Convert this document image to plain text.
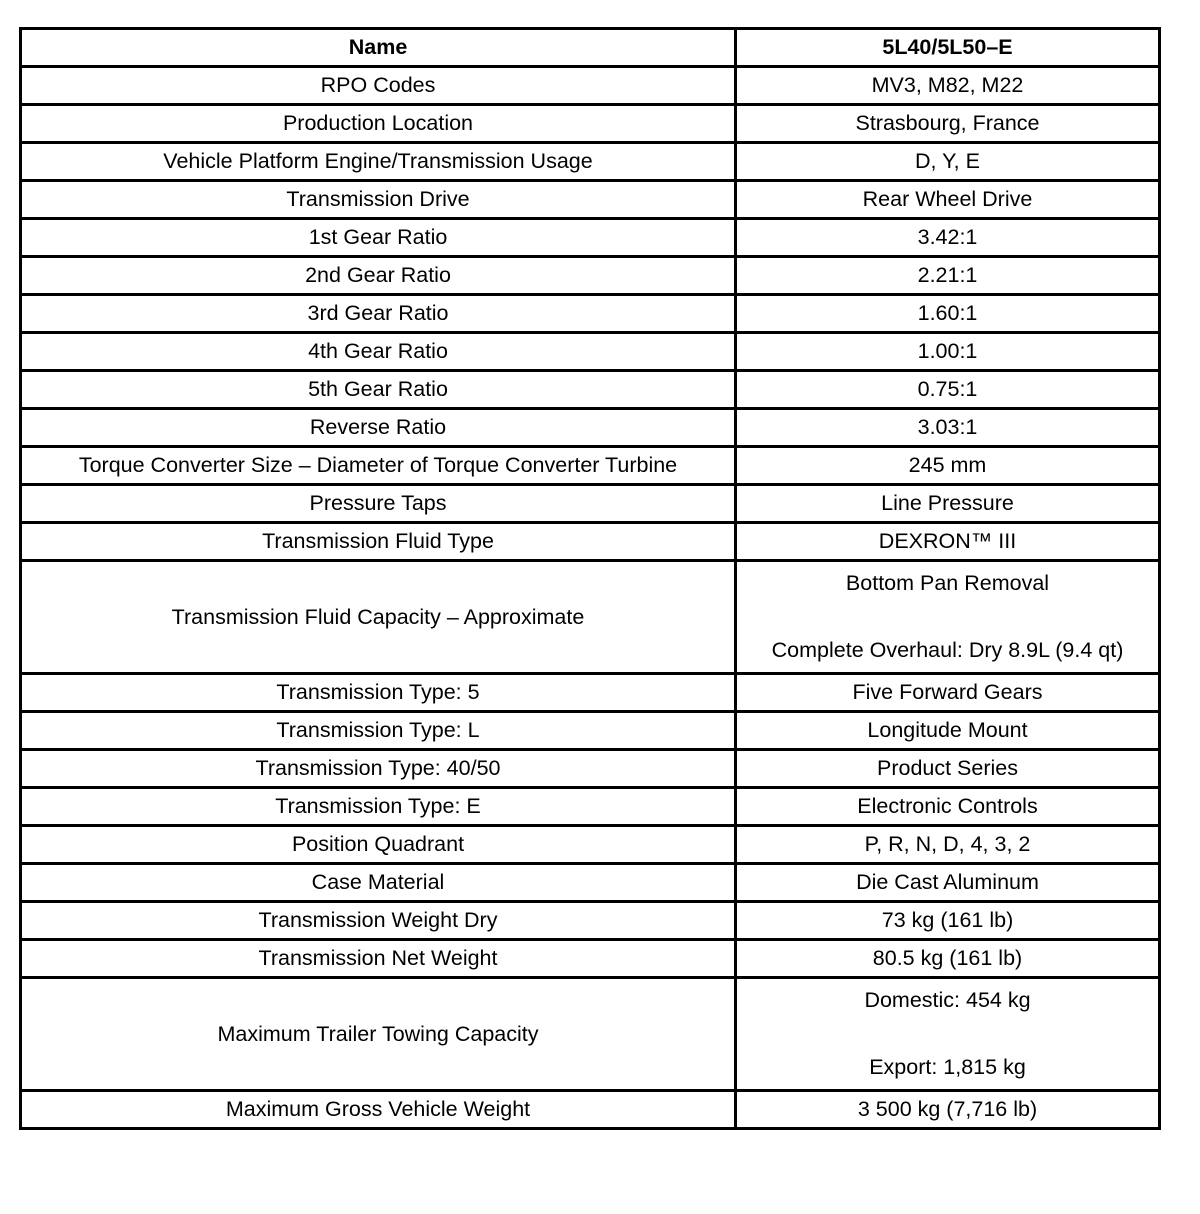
Name	5L40/5L50–E
RPO Codes	MV3, M82, M22
Production Location	Strasbourg, France
Vehicle Platform Engine/Transmission Usage	D, Y, E
Transmission Drive	Rear Wheel Drive
1st Gear Ratio	3.42:1
2nd Gear Ratio	2.21:1
3rd Gear Ratio	1.60:1
4th Gear Ratio	1.00:1
5th Gear Ratio	0.75:1
Reverse Ratio	3.03:1
Torque Converter Size – Diameter of Torque Converter Turbine	245 mm
Pressure Taps	Line Pressure
Transmission Fluid Type	DEXRON™ III
Transmission Fluid Capacity – Approximate	Bottom Pan Removal
Complete Overhaul: Dry 8.9L (9.4 qt)

Transmission Type: 5	Five Forward Gears
Transmission Type: L	Longitude Mount
Transmission Type: 40/50	Product Series
Transmission Type: E	Electronic Controls
Position Quadrant	P, R, N, D, 4, 3, 2
Case Material	Die Cast Aluminum
Transmission Weight Dry	73 kg (161 lb)
Transmission Net Weight	80.5 kg (161 lb)
Maximum Trailer Towing Capacity	Domestic: 454 kg
Export: 1,815 kg

Maximum Gross Vehicle Weight	3 500 kg (7,716 lb)
